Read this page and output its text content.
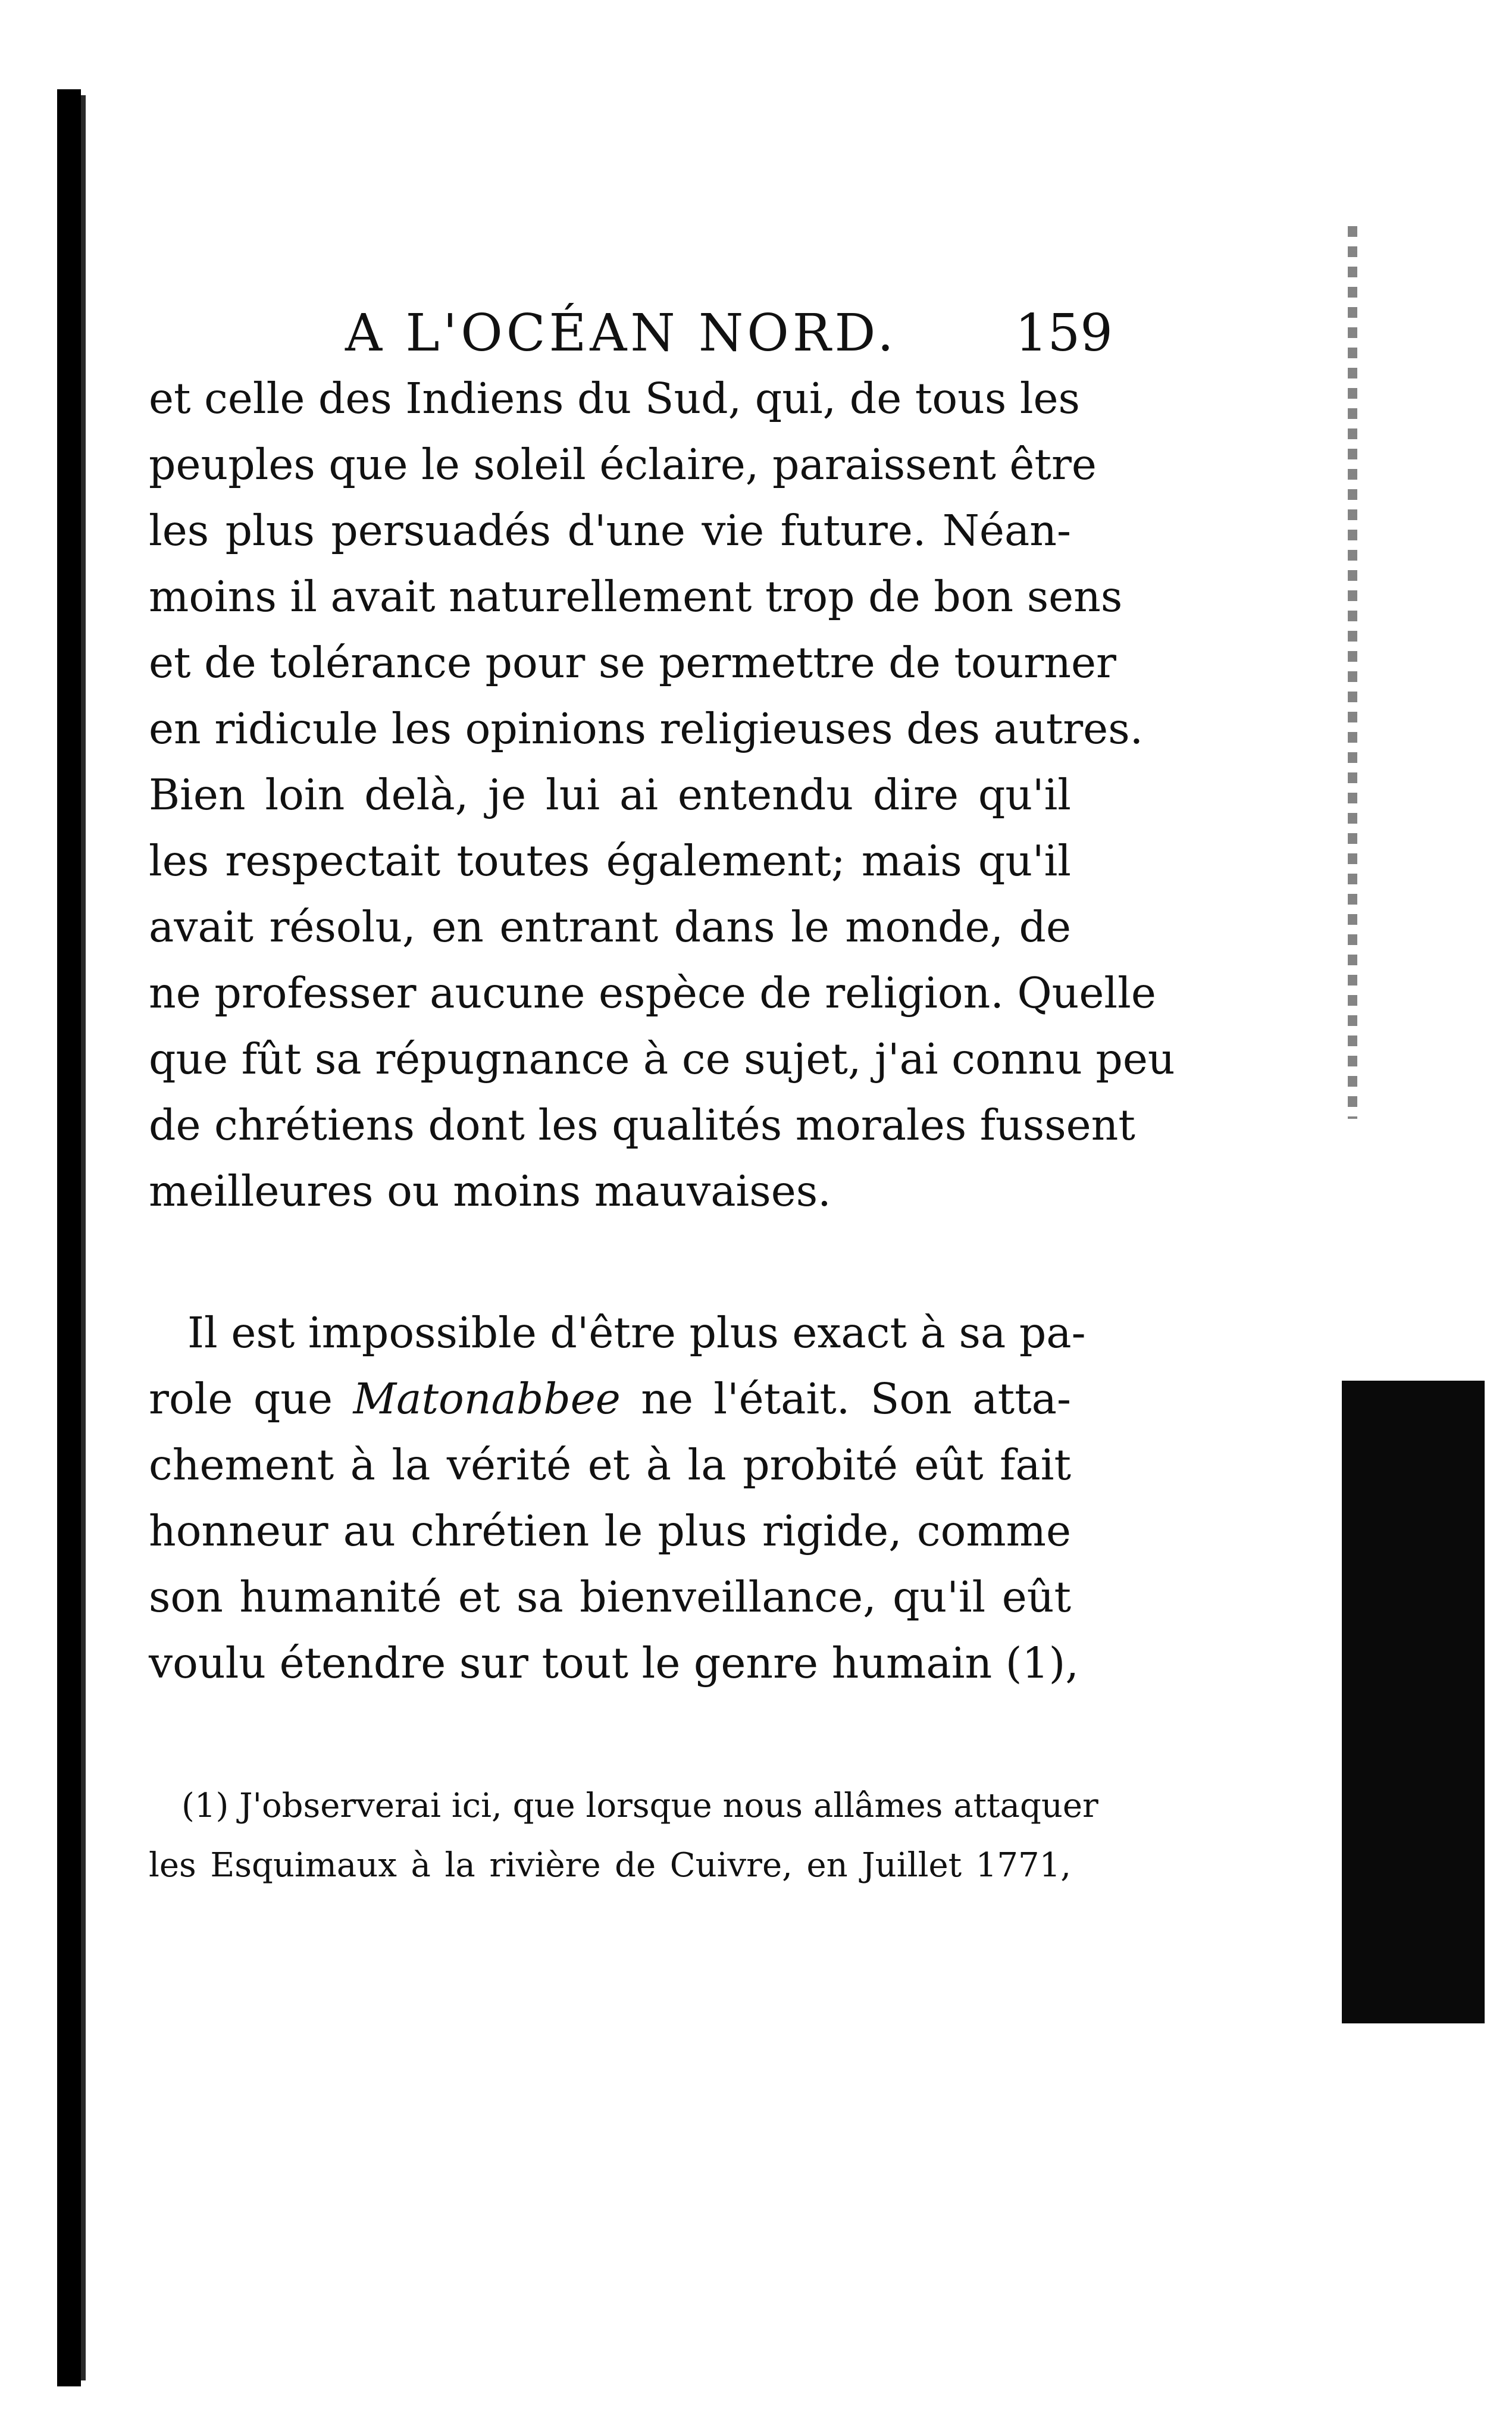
A L'OCÉAN NORD. 159
et celle des Indiens du Sud, qui, de tous les
peuples que le soleil éclaire, paraissent être
les plus persuadés d'une vie future. Néan-
moins il avait naturellement trop de bon sens
et de tolérance pour se permettre de tourner
en ridicule les opinions religieuses des autres.
Bien loin delà, je lui ai entendu dire qu'il
les respectait toutes également; mais qu'il
avait résolu, en entrant dans le monde, de
ne professer aucune espèce de religion. Quelle
que fût sa répugnance à ce sujet, j'ai connu peu
de chrétiens dont les qualités morales fussent
meilleures ou moins mauvaises.
Il est impossible d'être plus exact à sa pa-
role que Matonabbee ne l'était. Son atta-
chement à la vérité et à la probité eût fait
honneur au chrétien le plus rigide, comme
son humanité et sa bienveillance, qu'il eût
voulu étendre sur tout le genre humain (1),
(1) J'observerai ici, que lorsque nous allâmes attaquer
les Esquimaux à la rivière de Cuivre, en Juillet 1771,
